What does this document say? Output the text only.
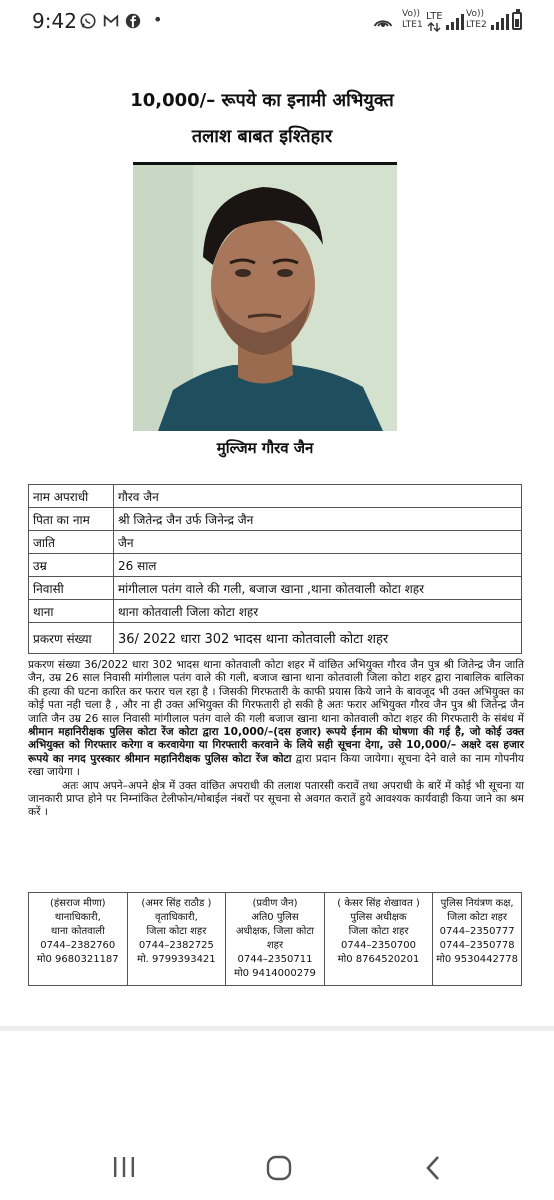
9:42	•	Vo))
LTE1
LTE	Vo))
LTE2
10,000/– रूपये का इनामी अभियुक्त
तलाश बाबत इश्तिहार
मुल्जिम गौरव जैन
नाम अपराधी	गौरव जैन
पिता का नाम	श्री जितेन्द्र जैन उर्फ जिनेन्द्र जैन
जाति	जैन
उम्र	26 साल
निवासी	मांगीलाल पतंग वाले की गली, बजाज खाना ,थाना कोतवाली कोटा शहर
थाना	थाना कोतवाली जिला कोटा शहर
प्रकरण संख्या	36/ 2022 धारा 302 भादस थाना कोतवाली कोटा शहर

प्रकरण संख्या 36/2022 धारा 302 भादस थाना कोतवाली कोटा शहर में वांछित अभियुक्त गौरव जैन पुत्र श्री जितेन्द्र जैन जाति जैन, उम्र 26 साल निवासी मांगीलाल पतंग वाले की गली, बजाज खाना थाना कोतवाली जिला कोटा शहर द्वारा नाबालिक बालिका की हत्या की घटना कारित कर फरार चल रहा है । जिसकी गिरफतारी के काफी प्रयास किये जाने के बावजूद भी उक्त अभियुक्त का कोई पता नही चला है , और ना ही उक्त अभियुक्त की गिरफतारी हो सकी है अतः फरार अभियुक्त गौरव जैन पुत्र श्री जितेन्द्र जैन जाति जैन उम्र 26 साल निवासी मांगीलाल पतंग वाले की गली बजाज खाना थाना कोतवाली कोटा शहर की गिरफतारी के संबंध में श्रीमान महानिरीक्षक पुलिस कोटा रेंज कोटा द्वारा 10,000/–(दस हजार) रूपये ईनाम की घोषणा की गई है, जो कोई उक्त अभियुक्त को गिरफ्तार करेगा व करवायेगा या गिरफ्तारी करवाने के लिये सही सूचना देगा, उसे 10,000/– अक्षरे दस हजार रूपये का नगद पुरस्कार श्रीमान महानिरीक्षक पुलिस कोटा रेंज कोटा द्वारा प्रदान किया जायेगा। सूचना देने वाले का नाम गोपनीय रखा जायेगा ।

अतः आप अपने–अपने क्षेत्र में उक्त वांछित अपराधी की तलाश पतारसी करावें तथा अपराधी के बारें में कोई भी सूचना या जानकारी प्राप्त होने पर निम्नांकित टेलीफोन/मोबाईल नंबरों पर सूचना से अवगत करातें हुये आवश्यक कार्यवाही किया जाने का श्रम करें ।

(हंसराज मीणा)
थानाधिकारी,
थाना कोतवाली
0744–2382760
मो0 9680321187

(अमर सिंह राठौड )
वृताधिकारी,
जिला कोटा शहर
0744–2382725
मो. 9799393421

(प्रवीण जैन)
अति0 पुलिस
अधीक्षक, जिला कोटा
शहर
0744–2350711
मो0 9414000279

( केसर सिंह शेखावत )
पुलिस अधीक्षक
जिला कोटा शहर
0744–2350700
मो0 8764520201

पुलिस नियंत्रण कक्ष,
जिला कोटा शहर
0744–2350777
0744–2350778
मो0 9530442778
